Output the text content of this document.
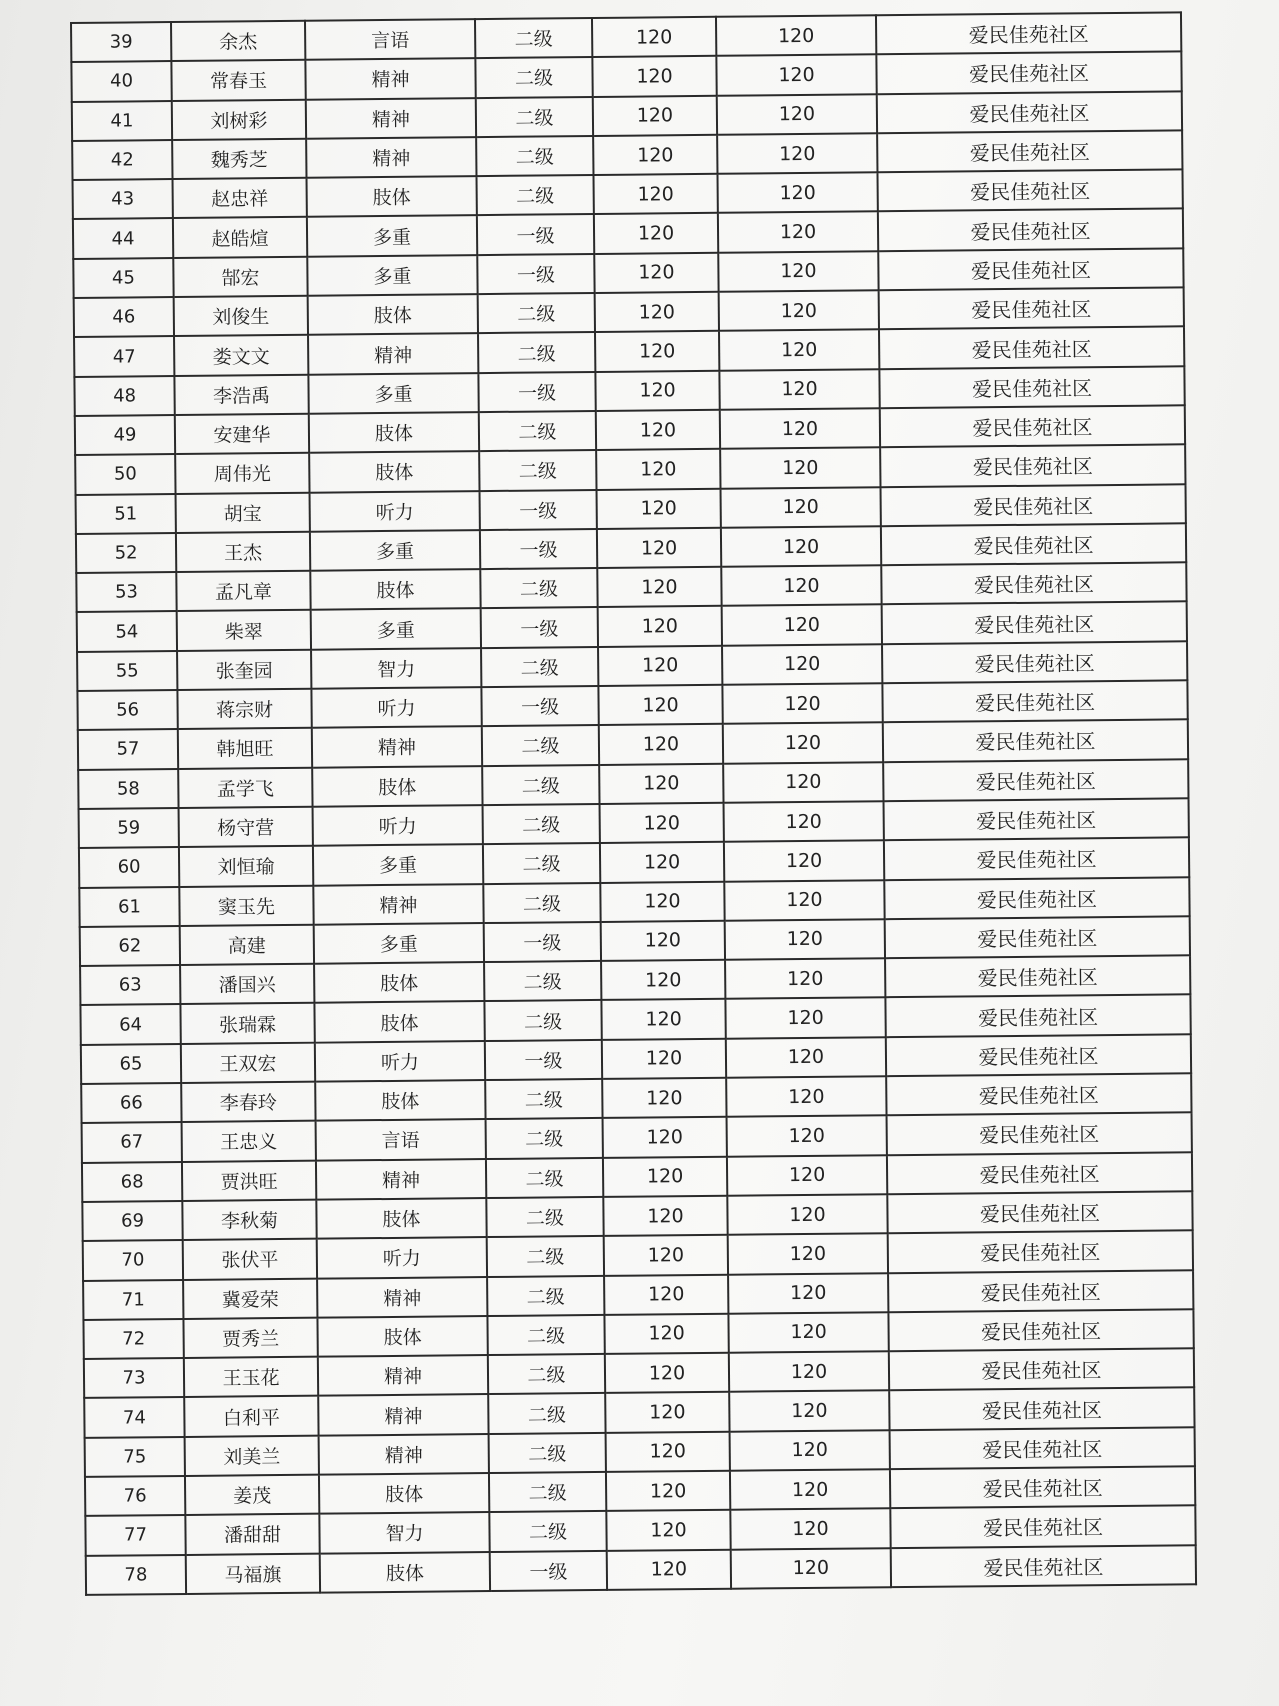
39	余杰	言语	二级	120	120	爱民佳苑社区
40	常春玉	精神	二级	120	120	爱民佳苑社区
41	刘树彩	精神	二级	120	120	爱民佳苑社区
42	魏秀芝	精神	二级	120	120	爱民佳苑社区
43	赵忠祥	肢体	二级	120	120	爱民佳苑社区
44	赵皓煊	多重	一级	120	120	爱民佳苑社区
45	郜宏	多重	一级	120	120	爱民佳苑社区
46	刘俊生	肢体	二级	120	120	爱民佳苑社区
47	娄文文	精神	二级	120	120	爱民佳苑社区
48	李浩禹	多重	一级	120	120	爱民佳苑社区
49	安建华	肢体	二级	120	120	爱民佳苑社区
50	周伟光	肢体	二级	120	120	爱民佳苑社区
51	胡宝	听力	一级	120	120	爱民佳苑社区
52	王杰	多重	一级	120	120	爱民佳苑社区
53	孟凡章	肢体	二级	120	120	爱民佳苑社区
54	柴翠	多重	一级	120	120	爱民佳苑社区
55	张奎园	智力	二级	120	120	爱民佳苑社区
56	蒋宗财	听力	一级	120	120	爱民佳苑社区
57	韩旭旺	精神	二级	120	120	爱民佳苑社区
58	孟学飞	肢体	二级	120	120	爱民佳苑社区
59	杨守营	听力	二级	120	120	爱民佳苑社区
60	刘恒瑜	多重	二级	120	120	爱民佳苑社区
61	窦玉先	精神	二级	120	120	爱民佳苑社区
62	高建	多重	一级	120	120	爱民佳苑社区
63	潘国兴	肢体	二级	120	120	爱民佳苑社区
64	张瑞霖	肢体	二级	120	120	爱民佳苑社区
65	王双宏	听力	一级	120	120	爱民佳苑社区
66	李春玲	肢体	二级	120	120	爱民佳苑社区
67	王忠义	言语	二级	120	120	爱民佳苑社区
68	贾洪旺	精神	二级	120	120	爱民佳苑社区
69	李秋菊	肢体	二级	120	120	爱民佳苑社区
70	张伏平	听力	二级	120	120	爱民佳苑社区
71	冀爱荣	精神	二级	120	120	爱民佳苑社区
72	贾秀兰	肢体	二级	120	120	爱民佳苑社区
73	王玉花	精神	二级	120	120	爱民佳苑社区
74	白利平	精神	二级	120	120	爱民佳苑社区
75	刘美兰	精神	二级	120	120	爱民佳苑社区
76	姜茂	肢体	二级	120	120	爱民佳苑社区
77	潘甜甜	智力	二级	120	120	爱民佳苑社区
78	马福旗	肢体	一级	120	120	爱民佳苑社区
